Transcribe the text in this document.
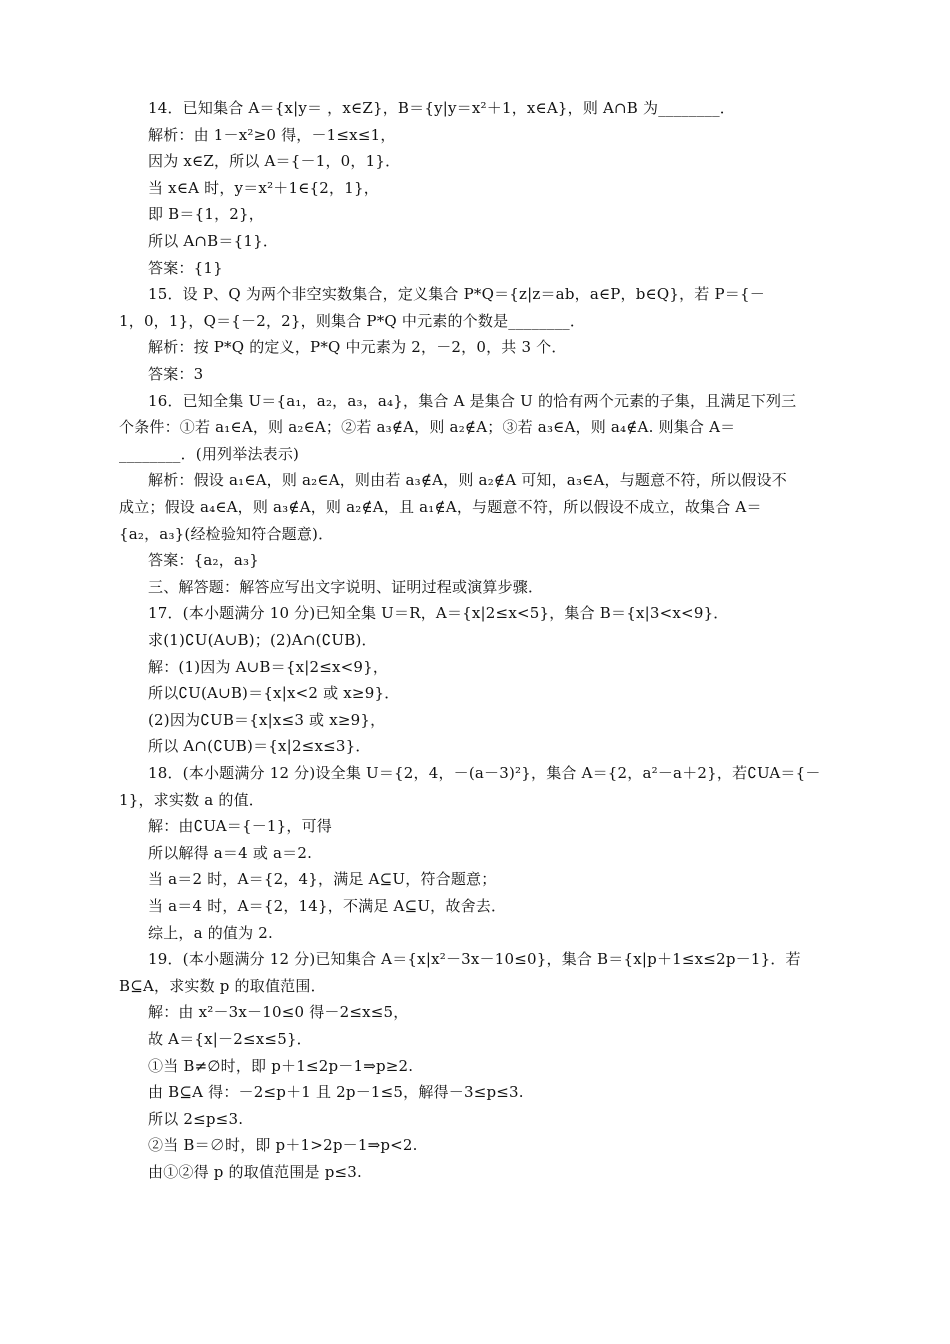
14．已知集合 A＝{x|y＝ ，x∈Z}，B＝{y|y＝x²＋1，x∈A}，则 A∩B 为________．
解析：由 1－x²≥0 得，－1≤x≤1，
因为 x∈Z，所以 A＝{－1，0，1}．
当 x∈A 时，y＝x²＋1∈{2，1}，
即 B＝{1，2}，
所以 A∩B＝{1}．
答案：{1}
15．设 P、Q 为两个非空实数集合，定义集合 P*Q＝{z|z＝ab，a∈P，b∈Q}，若 P＝{－
1，0，1}，Q＝{－2，2}，则集合 P*Q 中元素的个数是________．
解析：按 P*Q 的定义，P*Q 中元素为 2，－2，0，共 3 个．
答案：3
16．已知全集 U＝{a₁，a₂，a₃，a₄}，集合 A 是集合 U 的恰有两个元素的子集，且满足下列三
个条件：①若 a₁∈A，则 a₂∈A；②若 a₃∉A，则 a₂∉A；③若 a₃∈A，则 a₄∉A. 则集合 A＝
________．(用列举法表示)
解析：假设 a₁∈A，则 a₂∈A，则由若 a₃∉A，则 a₂∉A 可知，a₃∈A，与题意不符，所以假设不
成立；假设 a₄∈A，则 a₃∉A，则 a₂∉A，且 a₁∉A，与题意不符，所以假设不成立，故集合 A＝
{a₂，a₃}(经检验知符合题意)．
答案：{a₂，a₃}
三、解答题：解答应写出文字说明、证明过程或演算步骤．
17．(本小题满分 10 分)已知全集 U＝R，A＝{x|2≤x<5}，集合 B＝{x|3<x<9}．
求(1)∁U(A∪B)；(2)A∩(∁UB)．
解：(1)因为 A∪B＝{x|2≤x<9}，
所以∁U(A∪B)＝{x|x<2 或 x≥9}．
(2)因为∁UB＝{x|x≤3 或 x≥9}，
所以 A∩(∁UB)＝{x|2≤x≤3}．
18．(本小题满分 12 分)设全集 U＝{2，4，－(a－3)²}，集合 A＝{2，a²－a＋2}，若∁UA＝{－
1}，求实数 a 的值．
解：由∁UA＝{－1}，可得
所以解得 a＝4 或 a＝2.
当 a＝2 时，A＝{2，4}，满足 A⊆U，符合题意；
当 a＝4 时，A＝{2，14}，不满足 A⊆U，故舍去．
综上，a 的值为 2.
19．(本小题满分 12 分)已知集合 A＝{x|x²－3x－10≤0}，集合 B＝{x|p＋1≤x≤2p－1}．若
B⊆A，求实数 p 的取值范围．
解：由 x²－3x－10≤0 得－2≤x≤5，
故 A＝{x|－2≤x≤5}．
①当 B≠∅时，即 p＋1≤2p－1⇒p≥2.
由 B⊆A 得：－2≤p＋1 且 2p－1≤5，解得－3≤p≤3.
所以 2≤p≤3.
②当 B＝∅时，即 p＋1>2p－1⇒p<2.
由①②得 p 的取值范围是 p≤3.
